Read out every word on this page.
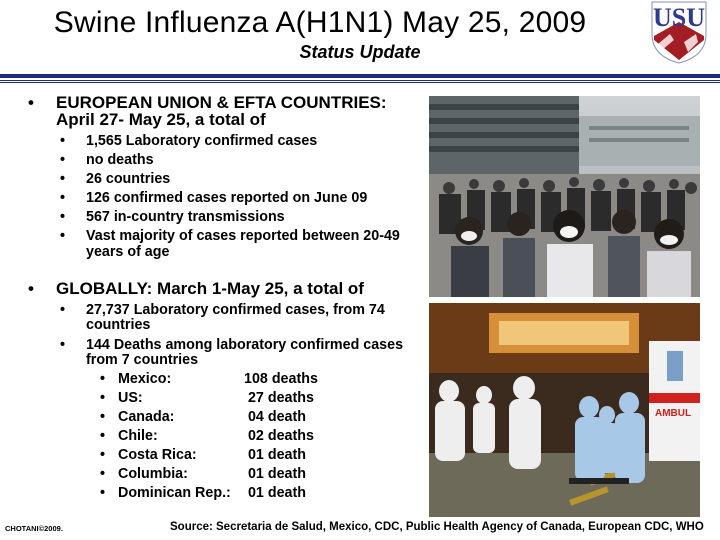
Swine Influenza A(H1N1) May 25, 2009
Status Update
USU
• EUROPEAN UNION & EFTA COUNTRIES:
April 27- May 25, a total of
• 1,565 Laboratory confirmed cases
• no deaths
• 26 countries
• 126 confirmed cases reported on June 09
• 567 in-country transmissions
• Vast majority of cases reported between 20-49
years of age
• GLOBALLY: March 1-May 25, a total of
• 27,737 Laboratory confirmed cases, from 74
countries
• 144 Deaths among laboratory confirmed cases
from 7 countries
• Mexico:	108 deaths
• US:	27 deaths
• Canada:	04 death
• Chile:	02 deaths
• Costa Rica:	01 death
• Columbia:	01 death
• Dominican Rep.: 01 death
AMBUL
CHOTANI©2009.	Source: Secretaria de Salud, Mexico, CDC, Public Health Agency of Canada, European CDC, WHO
